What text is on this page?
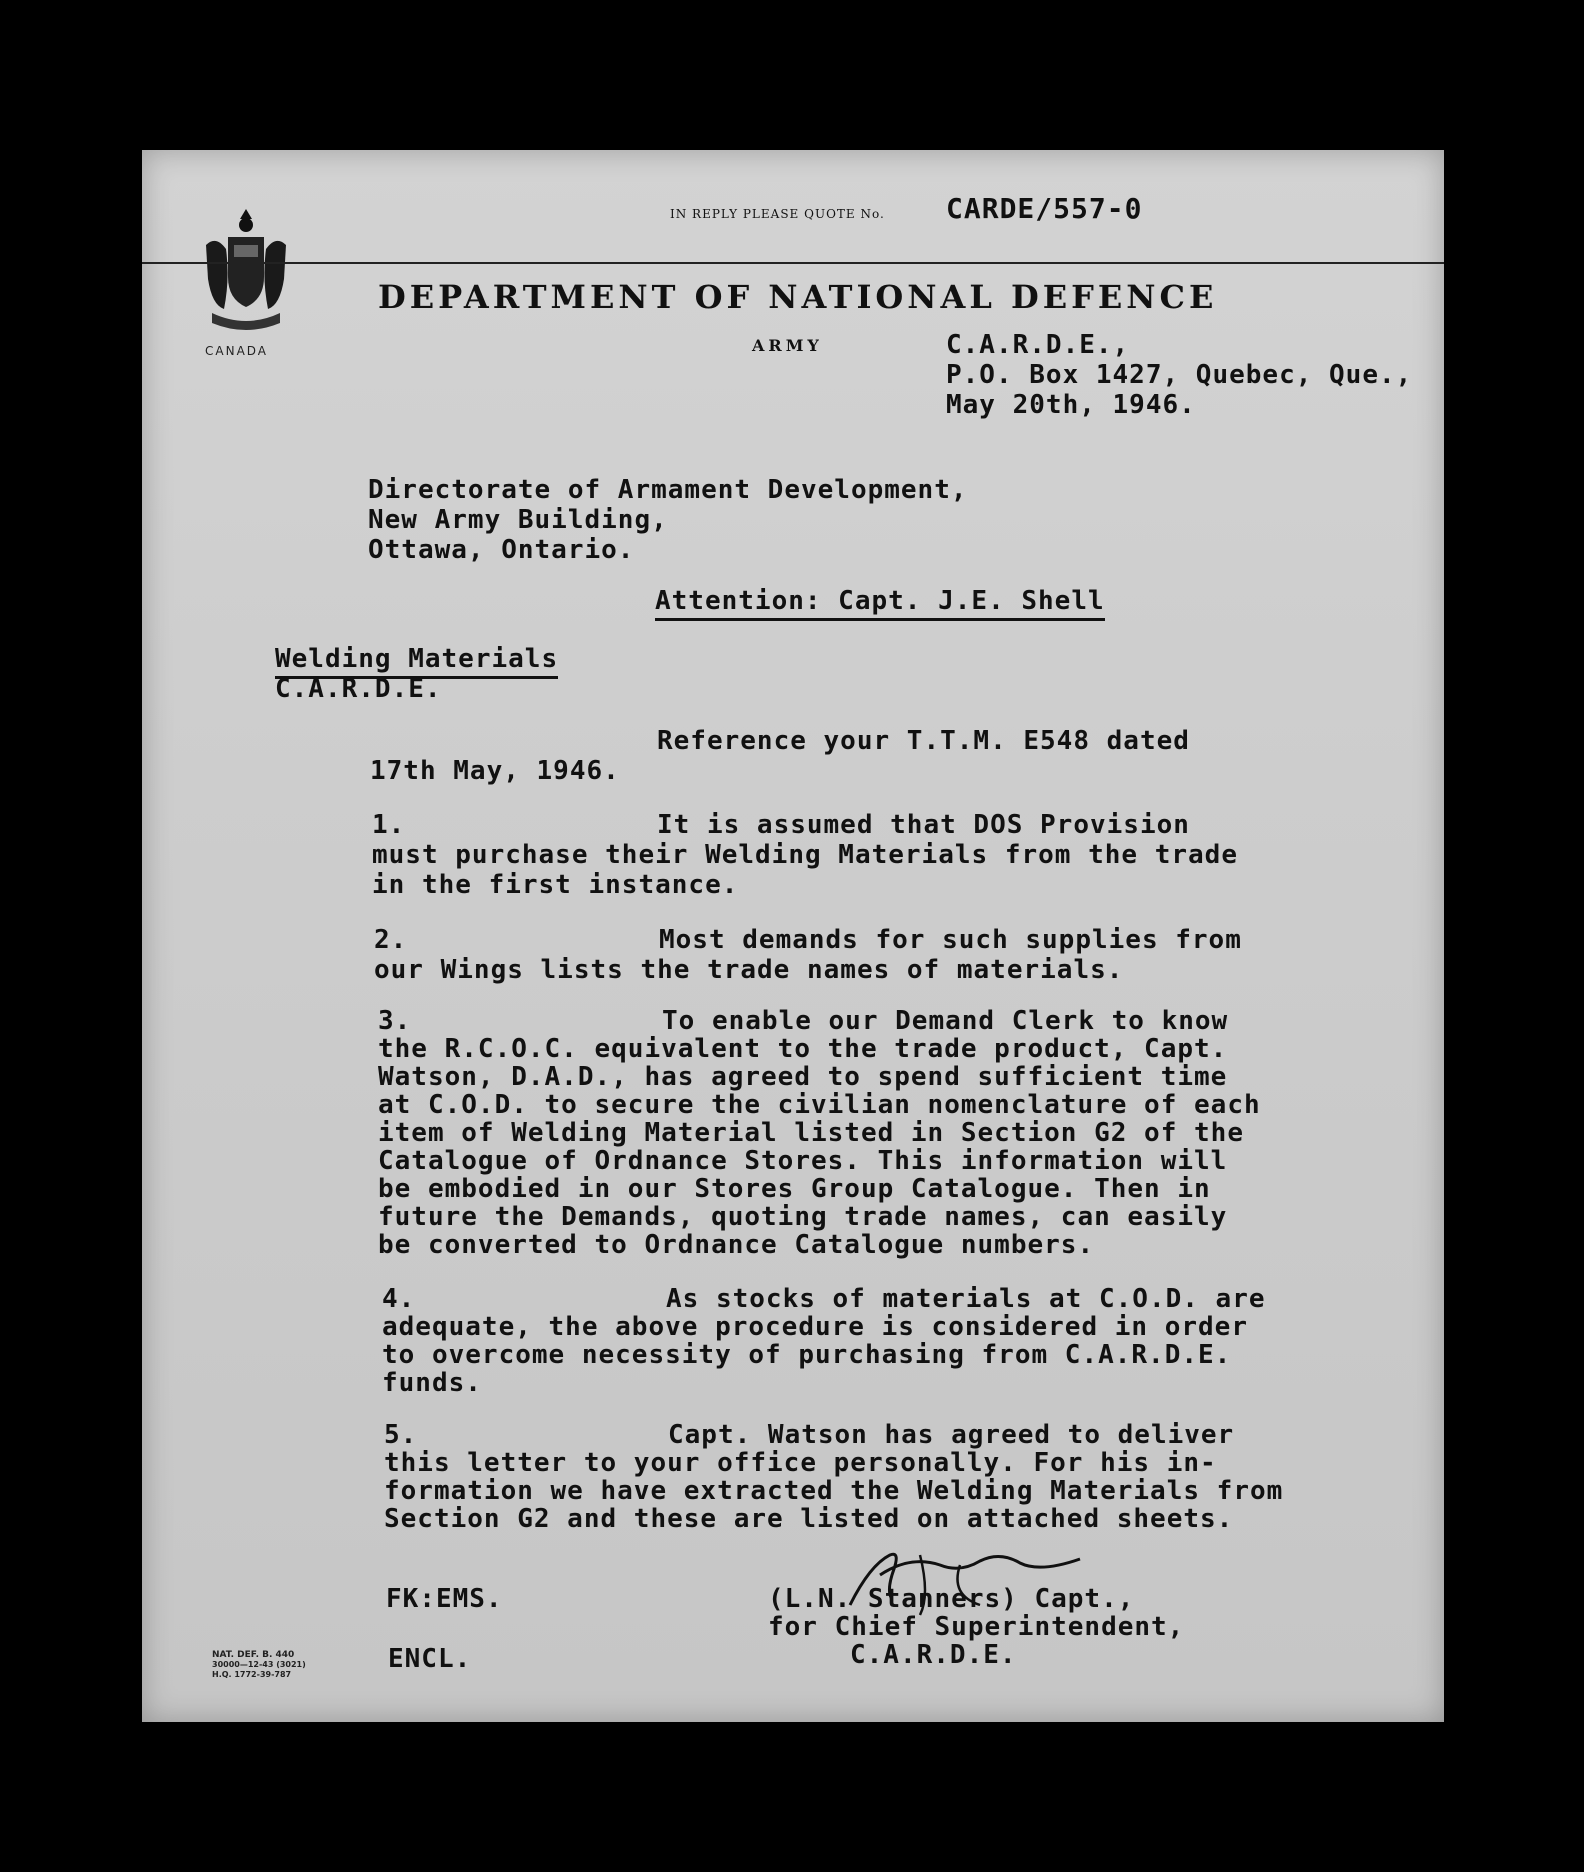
CANADA
IN REPLY PLEASE QUOTE No. CARDE/557-0
DEPARTMENT OF NATIONAL DEFENCE
ARMY	C.A.R.D.E.,
P.O. Box 1427, Quebec, Que.,
May 20th, 1946.
Directorate of Armament Development,
New Army Building,
Ottawa, Ontario.
Attention: Capt. J.E. Shell
Welding Materials
C.A.R.D.E.
Reference your T.T.M. E548 dated
17th May, 1946.
1.	It is assumed that DOS Provision
must purchase their Welding Materials from the trade
in the first instance.
2.	Most demands for such supplies from
our Wings lists the trade names of materials.
3.	To enable our Demand Clerk to know
the R.C.O.C. equivalent to the trade product, Capt.
Watson, D.A.D., has agreed to spend sufficient time
at C.O.D. to secure the civilian nomenclature of each
item of Welding Material listed in Section G2 of the
Catalogue of Ordnance Stores. This information will
be embodied in our Stores Group Catalogue. Then in
future the Demands, quoting trade names, can easily
be converted to Ordnance Catalogue numbers.
4.	As stocks of materials at C.O.D. are
adequate, the above procedure is considered in order
to overcome necessity of purchasing from C.A.R.D.E.
funds.
5.	Capt. Watson has agreed to deliver
this letter to your office personally. For his in-
formation we have extracted the Welding Materials from
Section G2 and these are listed on attached sheets.
FK:EMS.	(L.N. Stanners) Capt.,
for Chief Superintendent,
C.A.R.D.E.
ENCL.
NAT. DEF. B. 440
30000—12-43 (3021)
H.Q. 1772-39-787
